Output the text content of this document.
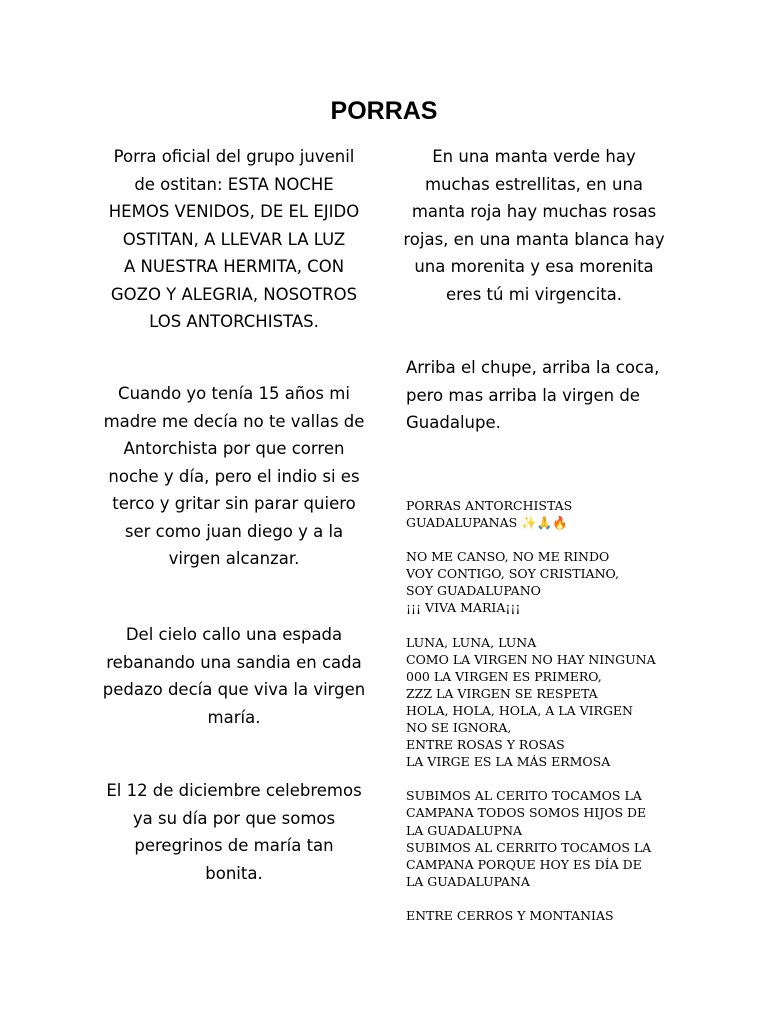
PORRAS
Porra oficial del grupo juvenil
de ostitan: ESTA NOCHE
HEMOS VENIDOS, DE EL EJIDO
OSTITAN, A LLEVAR LA LUZ
A NUESTRA HERMITA, CON
GOZO Y ALEGRIA, NOSOTROS
LOS ANTORCHISTAS.
Cuando yo tenía 15 años mi
madre me decía no te vallas de
Antorchista por que corren
noche y día, pero el indio si es
terco y gritar sin parar quiero
ser como juan diego y a la
virgen alcanzar.
Del cielo callo una espada
rebanando una sandia en cada
pedazo decía que viva la virgen
maría.
El 12 de diciembre celebremos
ya su día por que somos
peregrinos de maría tan
bonita.
En una manta verde hay
muchas estrellitas, en una
manta roja hay muchas rosas
rojas, en una manta blanca hay
una morenita y esa morenita
eres tú mi virgencita.
Arriba el chupe, arriba la coca,
pero mas arriba la virgen de
Guadalupe.
PORRAS ANTORCHISTAS
GUADALUPANAS ✨🙏🔥
NO ME CANSO, NO ME RINDO
VOY CONTIGO, SOY CRISTIANO,
SOY GUADALUPANO
¡¡¡ VIVA MARIA¡¡¡
LUNA, LUNA, LUNA
COMO LA VIRGEN NO HAY NINGUNA
000 LA VIRGEN ES PRIMERO,
ZZZ LA VIRGEN SE RESPETA
HOLA, HOLA, HOLA, A LA VIRGEN
NO SE IGNORA,
ENTRE ROSAS Y ROSAS
LA VIRGE ES LA MÁS ERMOSA
SUBIMOS AL CERITO TOCAMOS LA
CAMPANA TODOS SOMOS HIJOS DE
LA GUADALUPNA
SUBIMOS AL CERRITO TOCAMOS LA
CAMPANA PORQUE HOY ES DÍA DE
LA GUADALUPANA
ENTRE CERROS Y MONTANIAS
